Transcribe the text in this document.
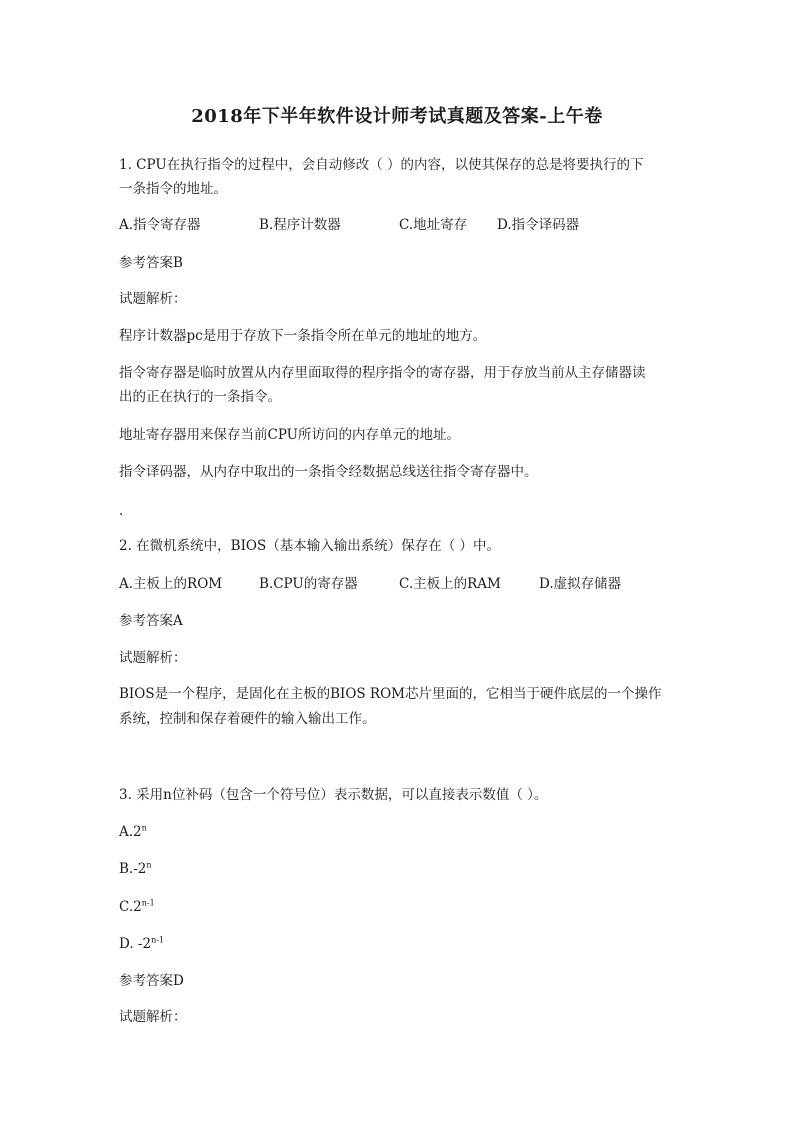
2018年下半年软件设计师考试真题及答案-上午卷
1. CPU在执行指令的过程中，会自动修改（ ）的内容，以使其保存的总是将要执行的下
一条指令的地址。
A.指令寄存器	B.程序计数器	C.地址寄存 D.指令译码器
参考答案B
试题解析：
程序计数器pc是用于存放下一条指令所在单元的地址的地方。
指令寄存器是临时放置从内存里面取得的程序指令的寄存器，用于存放当前从主存储器读
出的正在执行的一条指令。
地址寄存器用来保存当前CPU所访问的内存单元的地址。
指令译码器，从内存中取出的一条指令经数据总线送往指令寄存器中。
.
2. 在微机系统中，BIOS（基本输入输出系统）保存在（ ）中。
A.主板上的ROM	B.CPU的寄存器	C.主板上的RAM	D.虚拟存储器
参考答案A
试题解析：
BIOS是一个程序，是固化在主板的BIOS ROM芯片里面的，它相当于硬件底层的一个操作
系统，控制和保存着硬件的输入输出工作。
3. 采用n位补码（包含一个符号位）表示数据，可以直接表示数值（ ）。
A.2$^n$
B.-2$^n$
C.2$^{n-1}$
D. -2$^{n-1}$
参考答案D
试题解析：
